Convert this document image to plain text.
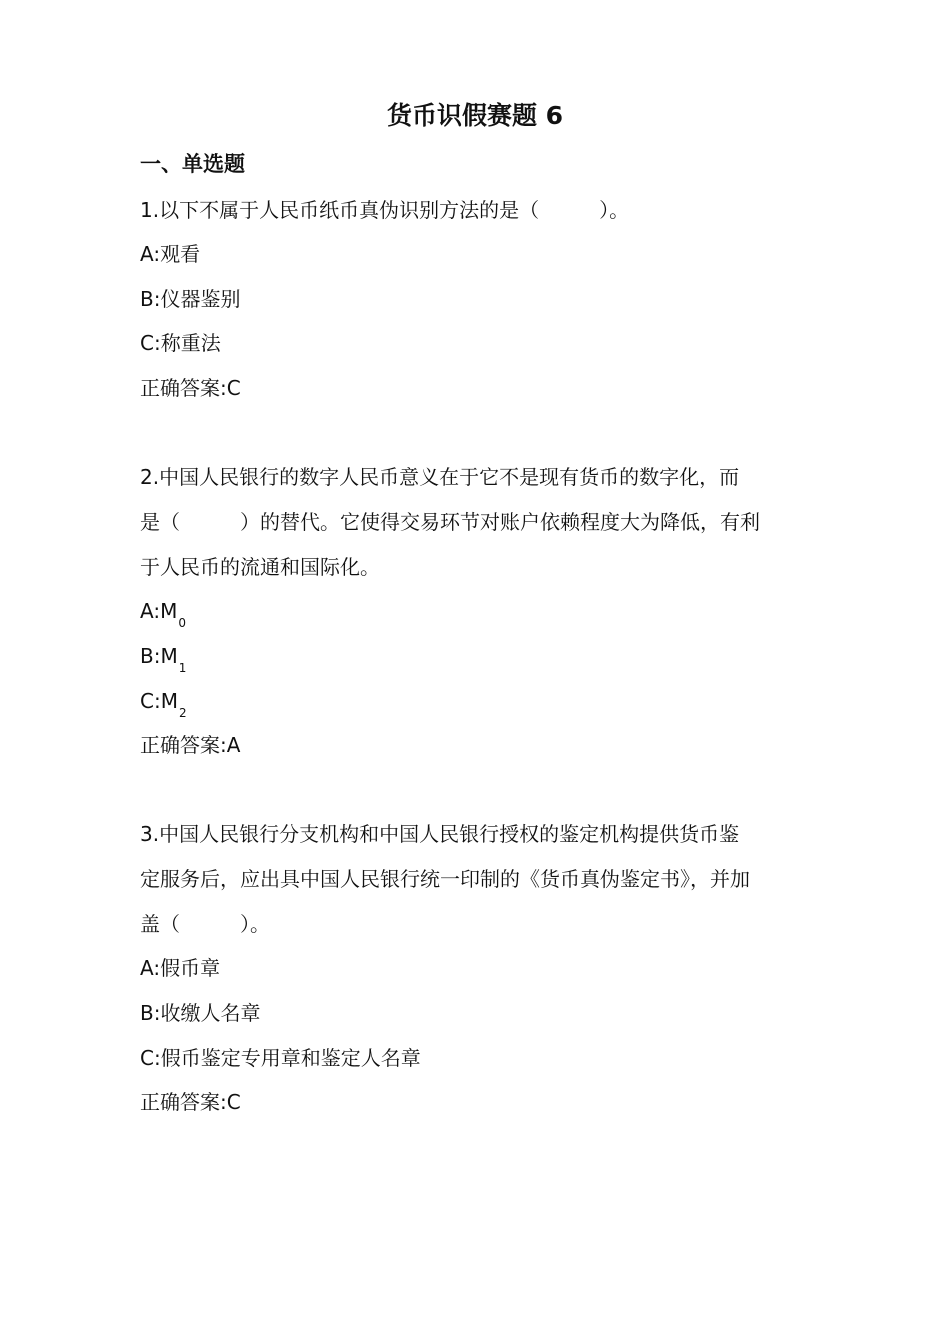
货币识假赛题 6
一、单选题

1.以下不属于人民币纸币真伪识别方法的是（　　　）。

A:观看

B:仪器鉴别

C:称重法

正确答案:C

2.中国人民银行的数字人民币意义在于它不是现有货币的数字化，而

是（　　　）的替代。它使得交易环节对账户依赖程度大为降低，有利

于人民币的流通和国际化。

$A:M_0$

$B:M_1$

$C:M_2$

正确答案:A

3.中国人民银行分支机构和中国人民银行授权的鉴定机构提供货币鉴

定服务后，应出具中国人民银行统一印制的《货币真伪鉴定书》，并加

盖（　　　）。

A:假币章

B:收缴人名章

C:假币鉴定专用章和鉴定人名章

正确答案:C
